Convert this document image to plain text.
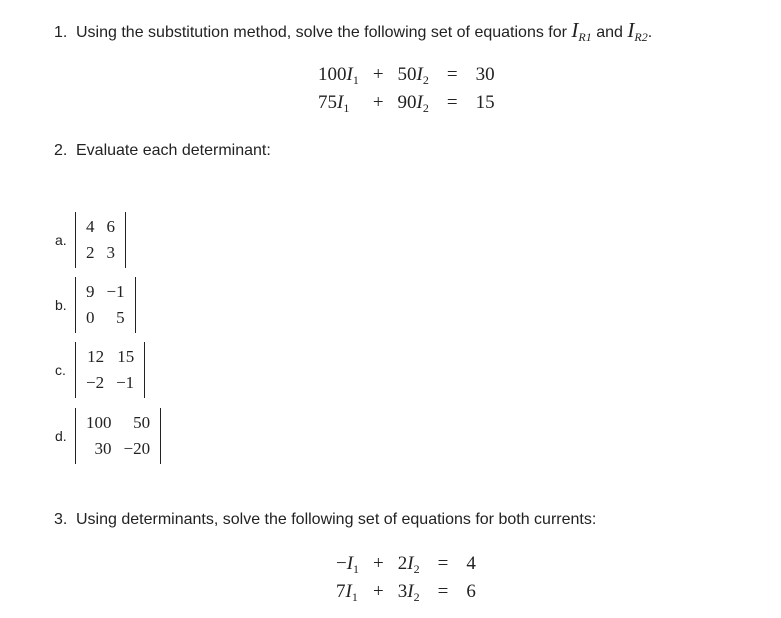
1. Using the substitution method, solve the following set of equations for $I_{R1}$ and $I_{R2}$.
$100I_1 + 50I_2 = 30$
$75I_1$	+ $90I_2 = 15$
2. Evaluate each determinant:
a.
4	6
2	3
b.
9	−1
0	5
c.
12	15
−2	−1
d.
100	50
30	−20
3. Using determinants, solve the following set of equations for both currents:
$-I_1 + 2I_2 = 4$
$7I_1 + 3I_2 = 6$
